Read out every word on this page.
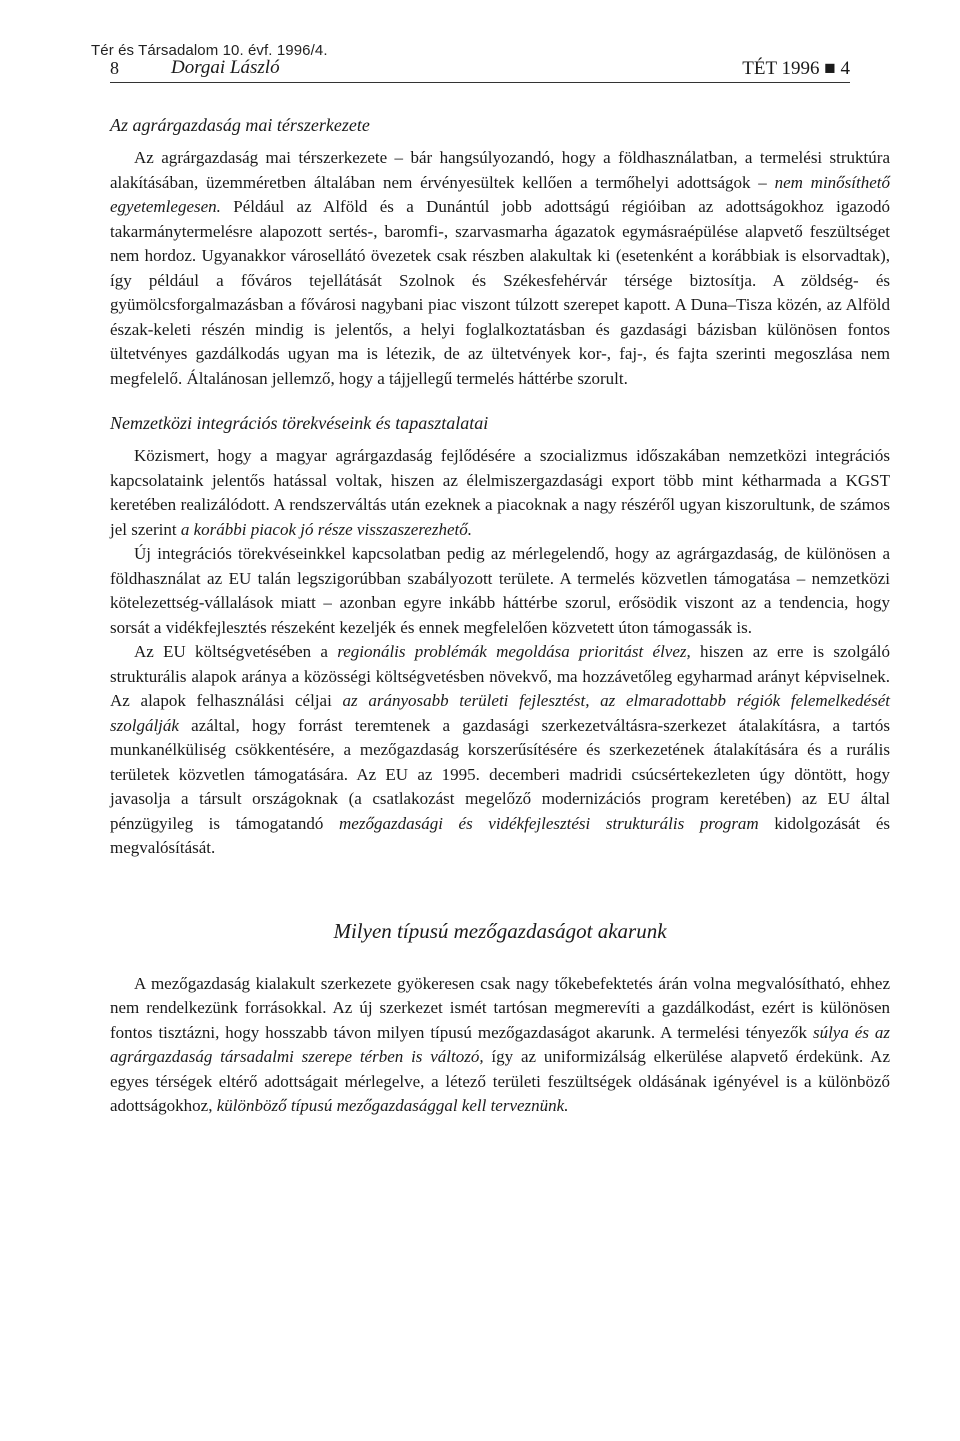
Tér és Társadalom 10. évf. 1996/4.
8	Dorgai László	TÉT 1996 ■ 4
Az agrárgazdaság mai térszerkezete

Az agrárgazdaság mai térszerkezete – bár hangsúlyozandó, hogy a földhasználatban, a termelési struktúra alakításában, üzemméretben általában nem érvényesültek kellően a termőhelyi adottságok – nem minősíthető egyetemlegesen. Például az Alföld és a Dunántúl jobb adottságú régióiban az adottságokhoz igazodó takarmánytermelésre alapozott sertés-, baromfi-, szarvasmarha ágazatok egymásraépülése alapvető feszültséget nem hordoz. Ugyanakkor városellátó övezetek csak részben alakultak ki (esetenként a korábbiak is elsorvadtak), így például a főváros tejellátását Szolnok és Székesfehérvár térsége biztosítja. A zöldség- és gyümölcsforgalmazásban a fővárosi nagybani piac viszont túlzott szerepet kapott. A Duna–Tisza közén, az Alföld észak-keleti részén mindig is jelentős, a helyi foglalkoztatásban és gazdasági bázisban különösen fontos ültetvényes gazdálkodás ugyan ma is létezik, de az ültetvények kor-, faj-, és fajta szerinti megoszlása nem megfelelő. Általánosan jellemző, hogy a tájjellegű termelés háttérbe szorult.

Nemzetközi integrációs törekvéseink és tapasztalatai

Közismert, hogy a magyar agrárgazdaság fejlődésére a szocializmus időszakában nemzetközi integrációs kapcsolataink jelentős hatással voltak, hiszen az élelmiszergazdasági export több mint kétharmada a KGST keretében realizálódott. A rendszerváltás után ezeknek a piacoknak a nagy részéről ugyan kiszorultunk, de számos jel szerint a korábbi piacok jó része visszaszerezhető.

Új integrációs törekvéseinkkel kapcsolatban pedig az mérlegelendő, hogy az agrárgazdaság, de különösen a földhasználat az EU talán legszigorúbban szabályozott területe. A termelés közvetlen támogatása – nemzetközi kötelezettség-vállalások miatt – azonban egyre inkább háttérbe szorul, erősödik viszont az a tendencia, hogy sorsát a vidékfejlesztés részeként kezeljék és ennek megfelelően közvetett úton támogassák is.

Az EU költségvetésében a regionális problémák megoldása prioritást élvez, hiszen az erre is szolgáló strukturális alapok aránya a közösségi költségvetésben növekvő, ma hozzávetőleg egyharmad arányt képviselnek. Az alapok felhasználási céljai az arányosabb területi fejlesztést, az elmaradottabb régiók felemelkedését szolgálják azáltal, hogy forrást teremtenek a gazdasági szerkezetváltásra-szerkezet átalakításra, a tartós munkanélküliség csökkentésére, a mezőgazdaság korszerűsítésére és szerkezetének átalakítására és a rurális területek közvetlen támogatására. Az EU az 1995. decemberi madridi csúcsértekezleten úgy döntött, hogy javasolja a társult országoknak (a csatlakozást megelőző modernizációs program keretében) az EU által pénzügyileg is támogatandó mezőgazdasági és vidékfejlesztési strukturális program kidolgozását és megvalósítását.

Milyen típusú mezőgazdaságot akarunk

A mezőgazdaság kialakult szerkezete gyökeresen csak nagy tőkebefektetés árán volna megvalósítható, ehhez nem rendelkezünk forrásokkal. Az új szerkezet ismét tartósan megmerevíti a gazdálkodást, ezért is különösen fontos tisztázni, hogy hosszabb távon milyen típusú mezőgazdaságot akarunk. A termelési tényezők súlya és az agrárgazdaság társadalmi szerepe térben is változó, így az uniformizálság elkerülése alapvető érdekünk. Az egyes térségek eltérő adottságait mérlegelve, a létező területi feszültségek oldásának igényével is a különböző adottságokhoz, különböző típusú mezőgazdasággal kell terveznünk.
